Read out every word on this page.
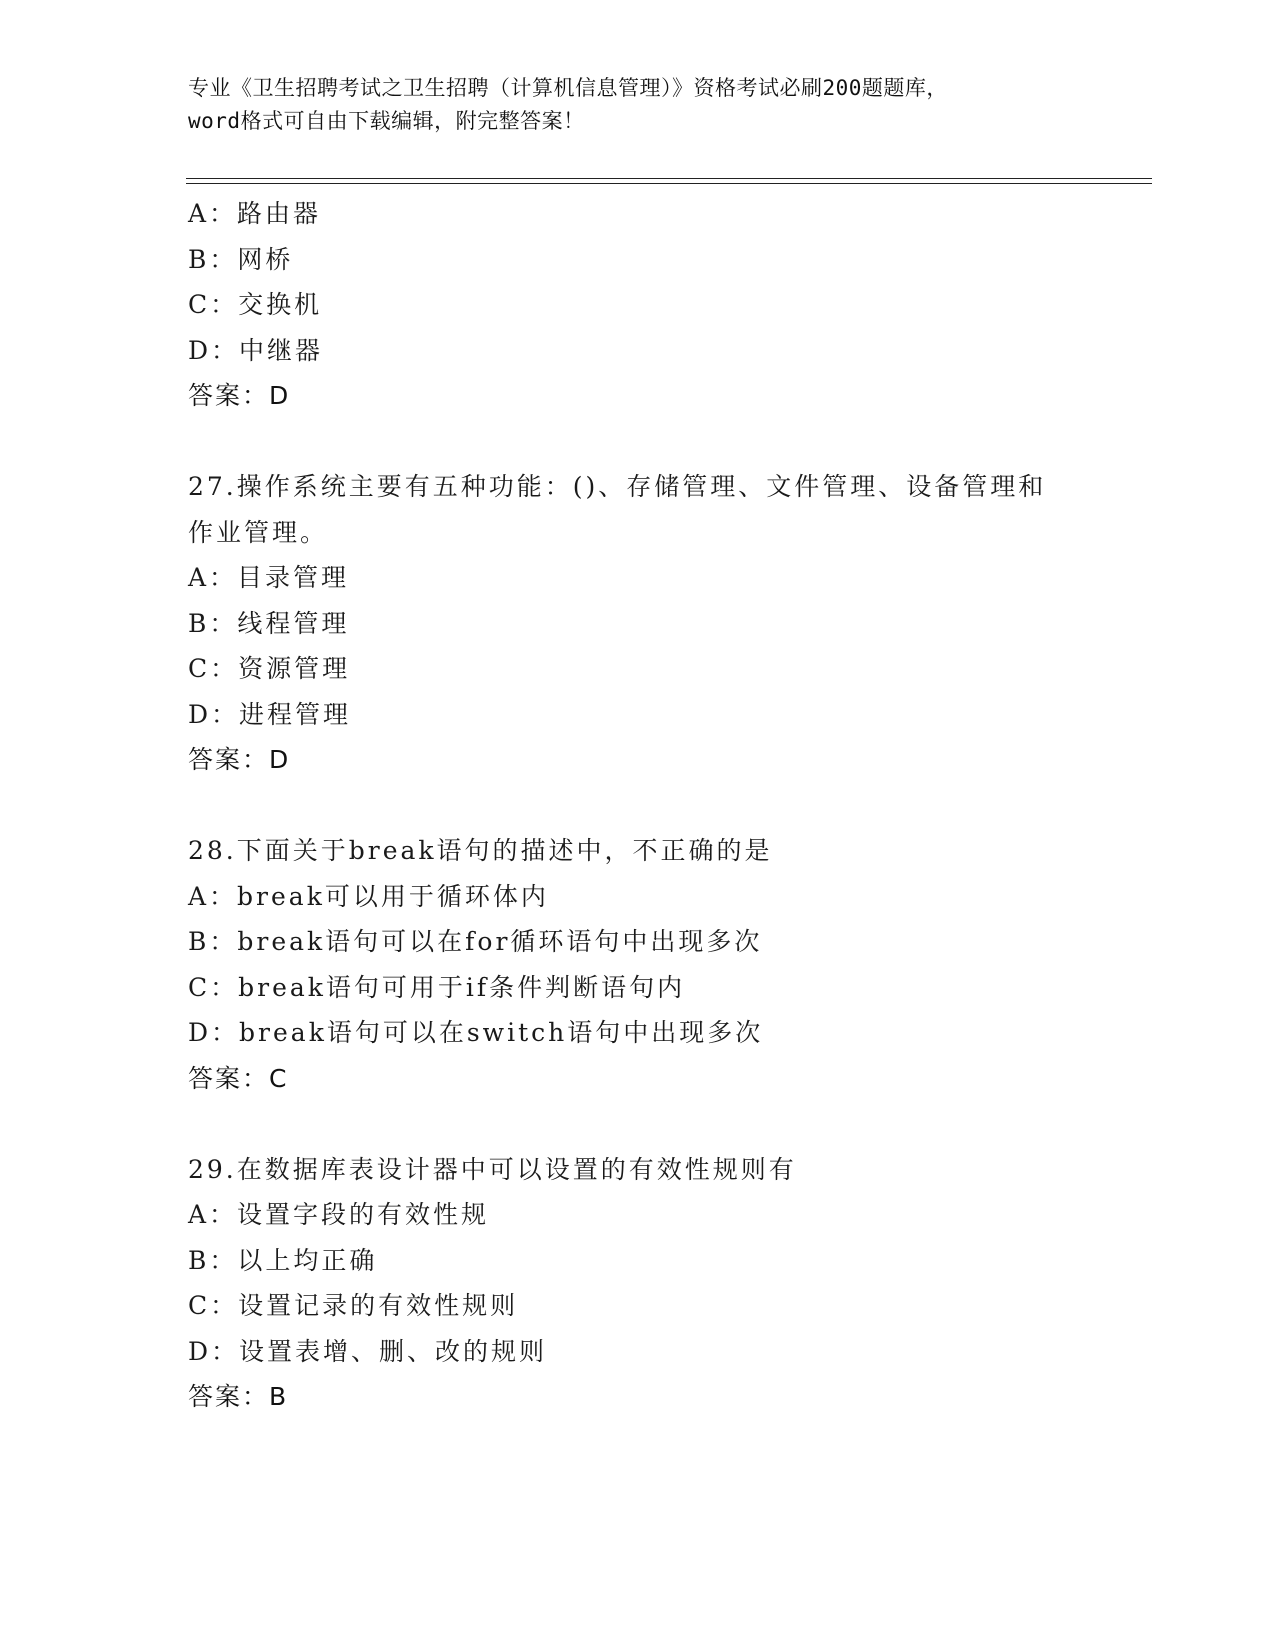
专业《卫生招聘考试之卫生招聘（计算机信息管理）》资格考试必刷200题题库，
word格式可自由下载编辑，附完整答案！
A：路由器
B：网桥
C：交换机
D：中继器
答案：D
27.操作系统主要有五种功能：()、存储管理、文件管理、设备管理和
作业管理。
A：目录管理
B：线程管理
C：资源管理
D：进程管理
答案：D
28.下面关于break语句的描述中，不正确的是
A：break可以用于循环体内
B：break语句可以在for循环语句中出现多次
C：break语句可用于if条件判断语句内
D：break语句可以在switch语句中出现多次
答案：C
29.在数据库表设计器中可以设置的有效性规则有
A：设置字段的有效性规
B：以上均正确
C：设置记录的有效性规则
D：设置表增、删、改的规则
答案：B
